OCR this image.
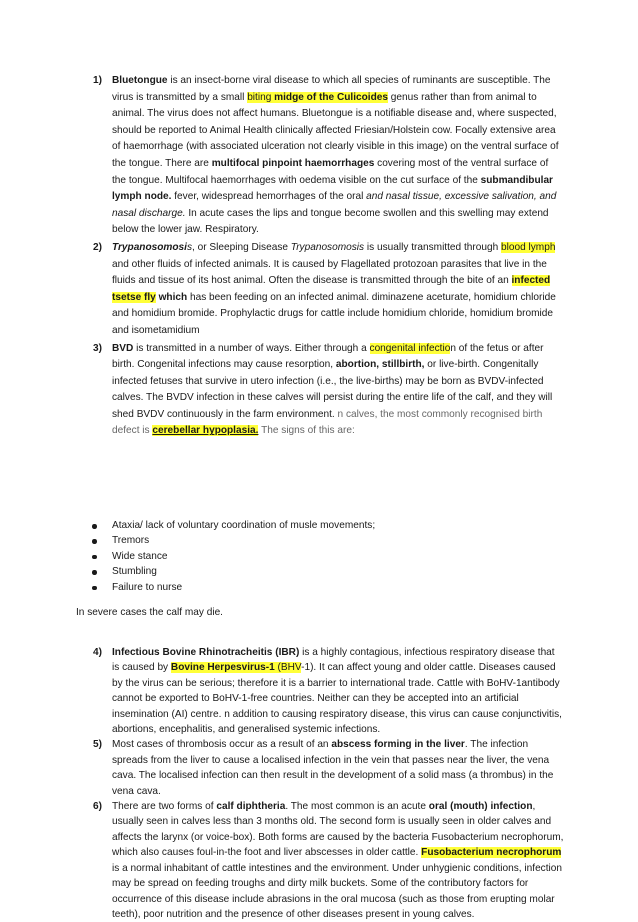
1) Bluetongue is an insect-borne viral disease to which all species of ruminants are susceptible. The virus is transmitted by a small biting midge of the Culicoides genus rather than from animal to animal. The virus does not affect humans. Bluetongue is a notifiable disease and, where suspected, should be reported to Animal Health clinically affected Friesian/Holstein cow. Focally extensive area of haemorrhage (with associated ulceration not clearly visible in this image) on the ventral surface of the tongue. There are multifocal pinpoint haemorrhages covering most of the ventral surface of the tongue. Multifocal haemorrhages with oedema visible on the cut surface of the submandibular lymph node. fever, widespread hemorrhages of the oral and nasal tissue, excessive salivation, and nasal discharge. In acute cases the lips and tongue become swollen and this swelling may extend below the lower jaw. Respiratory.

2) Trypanosomosis, or Sleeping Disease Trypanosomosis is usually transmitted through blood lymph and other fluids of infected animals. It is caused by Flagellated protozoan parasites that live in the fluids and tissue of its host animal. Often the disease is transmitted through the bite of an infected tsetse fly which has been feeding on an infected animal. diminazene aceturate, homidium chloride and homidium bromide. Prophylactic drugs for cattle include homidium chloride, homidium bromide and isometamidium

3) BVD is transmitted in a number of ways. Either through a congenital infection of the fetus or after birth. Congenital infections may cause resorption, abortion, stillbirth, or live-birth. Congenitally infected fetuses that survive in utero infection (i.e., the live-births) may be born as BVDV-infected calves. The BVDV infection in these calves will persist during the entire life of the calf, and they will shed BVDV continuously in the farm environment. n calves, the most commonly recognised birth defect is cerebellar hypoplasia. The signs of this are:

Ataxia/ lack of voluntary coordination of musle movements;
Tremors
Wide stance
Stumbling
Failure to nurse
In severe cases the calf may die.
4) Infectious Bovine Rhinotracheitis (IBR) is a highly contagious, infectious respiratory disease that is caused by Bovine Herpesvirus-1 (BHV-1). It can affect young and older cattle. Diseases caused by the virus can be serious; therefore it is a barrier to international trade. Cattle with BoHV-1antibody cannot be exported to BoHV-1-free countries. Neither can they be accepted into an artificial insemination (AI) centre. n addition to causing respiratory disease, this virus can cause conjunctivitis, abortions, encephalitis, and generalised systemic infections.

5) Most cases of thrombosis occur as a result of an abscess forming in the liver. The infection spreads from the liver to cause a localised infection in the vein that passes near the liver, the vena cava. The localised infection can then result in the development of a solid mass (a thrombus) in the vena cava.

6) There are two forms of calf diphtheria. The most common is an acute oral (mouth) infection, usually seen in calves less than 3 months old. The second form is usually seen in older calves and affects the larynx (or voice-box). Both forms are caused by the bacteria Fusobacterium necrophorum, which also causes foul-in-the foot and liver abscesses in older cattle. Fusobacterium necrophorum is a normal inhabitant of cattle intestines and the environment. Under unhygienic conditions, infection may be spread on feeding troughs and dirty milk buckets. Some of the contributory factors for occurrence of this disease include abrasions in the oral mucosa (such as those from erupting molar teeth), poor nutrition and the presence of other diseases present in young calves.
